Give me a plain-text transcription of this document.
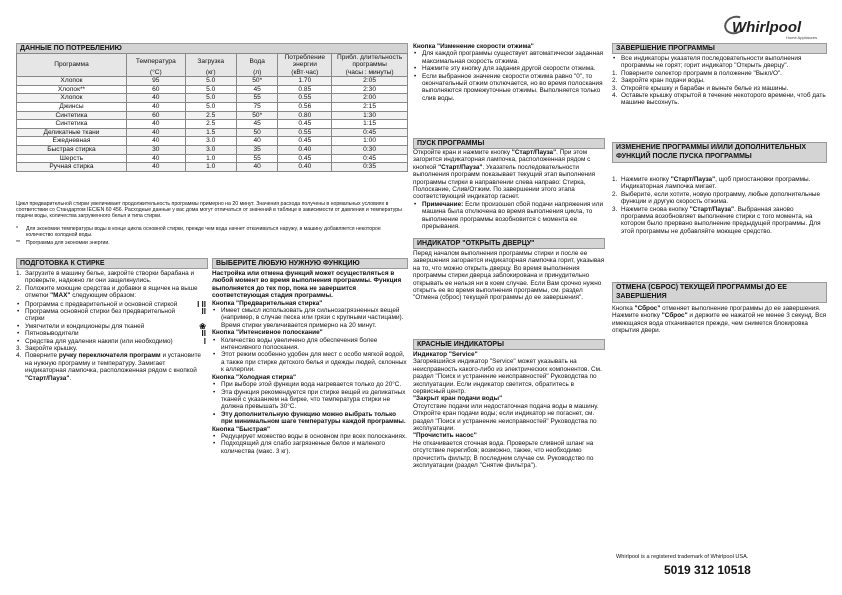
Whirlpool
Home Appliances
ДАННЫЕ ПО ПОТРЕБЛЕНИЮ
Программа	Температура	Загрузка	Вода	Потребление энергии	Прибл. длительность программы
	(°C)	(кг)	(л)	(кВт·час)	(часы : минуты)
Хлопок	95	5.0	50*	1.70	2:05
Хлопок**	60	5.0	45	0.85	2:30
Хлопок	40	5.0	55	0.55	2:00
Джинсы	40	5.0	75	0.56	2:15
Синтетика	60	2.5	50*	0.80	1:30
Синтетика	40	2.5	45	0.45	1:15
Деликатные ткани	40	1.5	50	0.55	0:45
Ежедневная	40	3.0	40	0.45	1:00
Быстрая стирка	30	3.0	35	0.40	0:30
Шерсть	40	1.0	55	0.45	0:45
Ручная стирка	40	1.0	40	0.40	0:35
Цикл предварительной стирки увеличивает продолжительность программы примерно на 20 минут. Значения расхода получены в нормальных условиях в соответствии со Стандартом IEC/EN 60 456. Расходные данные у вас дома могут отличаться от значений в таблице в зависимости от давления и температуры подачи воды, количества загруженного белья и типа стирки.
*	Для экономии температуры воды в конце цикла основной стирки, прежде чем вода начнет откачиваться наружу, в машину добавляется некоторое количество холодной воды.
**	Программа для экономии энергии.
ПОДГОТОВКА К СТИРКЕ
1. Загрузите в машину белье, закройте створки барабана и проверьте, надежно ли они защелкнулись.
2. Положите моющие средства и добавки в ящичек на выше отметки "MAX" следующим образом:
• Программа с предварительной и основной стиркой I II
• Программа основной стирки без предварительной стирки
II
• Умягчители и кондиционеры для тканей	❀
• Пятновыводители	II
• Средства для удаления накипи (или необходимо)	I
3. Закройте крышку.
4. Поверните ручку переключателя программ и установите на нужную программу и температуру. Замигает индикаторная лампочка, расположенная рядом с кнопкой "Старт/Пауза".
ВЫБЕРИТЕ ЛЮБУЮ НУЖНУЮ ФУНКЦИЮ

Настройка или отмена функций может осуществляться в любой момент во время выполнения программы. Функция выполняется до тех пор, пока не завершится соответствующая стадия программы.

Кнопка "Предварительная стирка"

• Имеет смысл использовать для сильнозагрязненных вещей (например, в случае песка или грязи с крупными частицами). Время стирки увеличивается примерно на 20 минут.

Кнопка "Интенсивное полоскание"

• Количество воды увеличено для обеспечения более интенсивного полоскания.
• Этот режим особенно удобен для мест с особо мягкой водой, а также при стирке детского белья и одежды людей, склонных к аллергии.

Кнопка "Холодная стирка"

• При выборе этой функции вода нагревается только до 20°C.
• Эта функция рекомендуется при стирке вещей из деликатных тканей с указанием на бирке, что температура стирки не должна превышать 30°C.
• Эту дополнительную функцию можно выбрать только при минимальном шаге температуры каждой программы.

Кнопка "Быстрая"

• Редуцирует можество воды в основном при всех полосканиях.
• Подходящий для слабо загрязненые белое и маленого количества (макс. 3 кг).

Кнопка "Изменение скорости отжима"

• Для каждой программы существует автоматически заданная максимальная скорость отжима.
• Нажмите эту кнопку для задания другой скорости отжима.
• Если выбранное значение скорости отжима равно "0", то окончательный отжим отключается, но во время полоскания выполняются промежуточные отжимы. Выполняется только слив воды.
ПУСК ПРОГРАММЫ

Откройте кран и нажмите кнопку "Старт/Пауза". При этом загорится индикаторная лампочка, расположенная рядом с кнопкой "Старт/Пауза". Указатель последовательности выполнения программ показывает текущий этап выполнения программы стирки в направлении слева направо: Стирка, Полоскание, Слив/Отжим. По завершении этого этапа соответствующий индикатор гаснет.

• Примечание: Если произошел сбой подачи напряжения или машина была отключена во время выполнения цикла, то выполнение программы возобновится с момента ее прерывания.
ИНДИКАТОР "ОТКРЫТЬ ДВЕРЦУ"
Перед началом выполнения программы стирки и после ее завершения загорается индикаторная лампочка горит, указывая на то, что можно открыть дверцу. Во время выполнения программы стирки дверца заблокирована и принудительно открывать ее нельзя ни в коем случае. Если Вам срочно нужно открыть ее во время выполнения программы, см. раздел "Отмена (сброс) текущей программы до ее завершения".
КРАСНЫЕ ИНДИКАТОРЫ

Индикатор "Service"

Загоревшийся индикатор "Service" может указывать на неисправность какого-либо из электрических компонентов. См. раздел "Поиск и устранение неисправностей" Руководства по эксплуатации. Если индикатор светится, обратитесь в сервисный центр.

"Закрыт кран подачи воды"

Отсутствие подачи или недостаточная подача воды в машину. Откройте кран подачи воды; если индикатор не погаснет, см. раздел "Поиск и устранение неисправностей" Руководства по эксплуатации.

"Прочистить насос"

Не откачивается сточная вода. Проверьте сливной шланг на отсутствие перегибов; возможно, также, что необходимо прочистить фильтр; В последнем случае см. Руководство по эксплуатации (раздел "Снятие фильтра").

ЗАВЕРШЕНИЕ ПРОГРАММЫ
• Все индикаторы указателя последовательности выполнения программы не горят; горит индикатор "Открыть дверцу".
1. Поверните селектор программ в положение "Выкл/O".
2. Закройте кран подачи воды.
3. Откройте крышку и барабан и выньте белье из машины.
4. Оставьте крышку открытой в течение некоторого времени, чтоб дать машине высохнуть.
ИЗМЕНЕНИЕ ПРОГРАММЫ И/ИЛИ ДОПОЛНИТЕЛЬНЫХ ФУНКЦИЙ ПОСЛЕ ПУСКА ПРОГРАММЫ
1. Нажмите кнопку "Старт/Пауза", щоб приостановки программы. Индикаторная лампочка мигает.
2. Выберите, если хотите, новую программу, любые дополнительные функции и другую скорость отжима.
3. Нажмите снова кнопку "Старт/Пауза". Выбранная заново программа возобновляет выполнение стирки с того момента, на котором было прервано выполнение предыдущей программы. Для этой программы не добавляйте моющее средство.
ОТМЕНА (СБРОС) ТЕКУЩЕЙ ПРОГРАММЫ ДО ЕЕ ЗАВЕРШЕНИЯ
Кнопка "Сброс" отменяет выполнение программы до ее завершения. Нажмите кнопку "Сброс" и держите ее нажатой не менее 3 секунд. Вся имеющаяся вода откачивается прежде, чем снимется блокировка открытия двери.
Whirlpool is a registered trademark of Whirlpool USA.
5019 312 10518
